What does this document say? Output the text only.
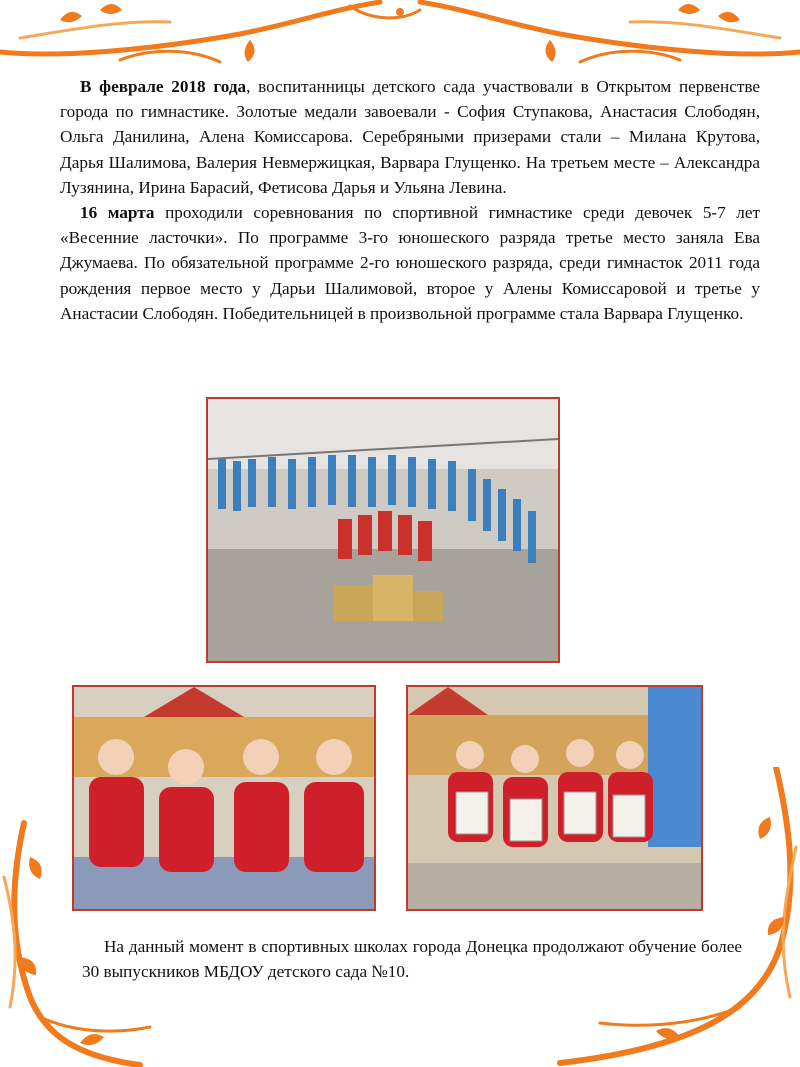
В феврале 2018 года, воспитанницы детского сада участвовали в Открытом первенстве города по гимнастике. Золотые медали завоевали - София Ступакова, Анастасия Слободян, Ольга Данилина, Алена Комиссарова. Серебряными призерами стали – Милана Крутова, Дарья Шалимова, Валерия Невмержицкая, Варвара Глущенко. На третьем месте – Александра Лузянина, Ирина Барасий, Фетисова Дарья и Ульяна Левина.

16 марта проходили соревнования по спортивной гимнастике среди девочек 5-7 лет «Весенние ласточки». По программе 3-го юношеского разряда третье место заняла Ева Джумаева. По обязательной программе 2-го юношеского разряда, среди гимнасток 2011 года рождения первое место у Дарьи Шалимовой, второе у Алены Комиссаровой и третье у Анастасии Слободян. Победительницей в произвольной программе стала Варвара Глущенко.

На данный момент в спортивных школах города Донецка продолжают обучение более 30 выпускников МБДОУ детского сада №10.
